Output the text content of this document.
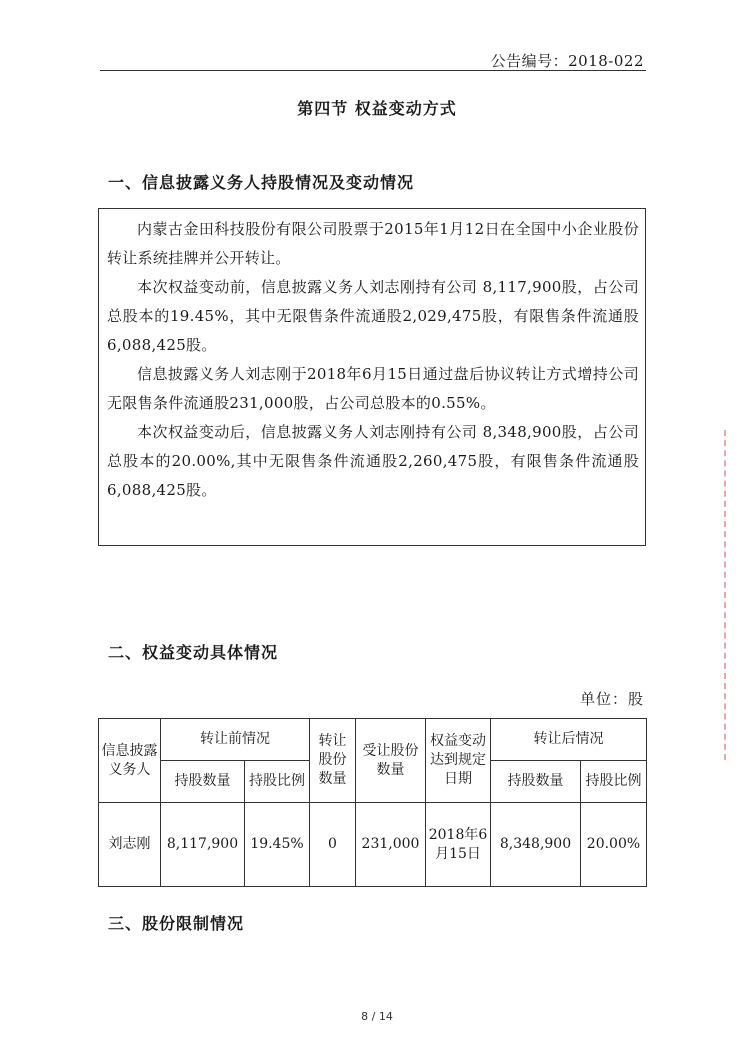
公告编号：2018-022
第四节 权益变动方式
一、信息披露义务人持股情况及变动情况

内蒙古金田科技股份有限公司股票于2015年1月12日在全国中小企业股份转让系统挂牌并公开转让。

本次权益变动前，信息披露义务人刘志刚持有公司 8,117,900股，占公司总股本的19.45%，其中无限售条件流通股2,029,475股，有限售条件流通股6,088,425股。

信息披露义务人刘志刚于2018年6月15日通过盘后协议转让方式增持公司无限售条件流通股231,000股，占公司总股本的0.55%。

本次权益变动后，信息披露义务人刘志刚持有公司 8,348,900股，占公司总股本的20.00%,其中无限售条件流通股2,260,475股，有限售条件流通股6,088,425股。

二、权益变动具体情况
单位：股
信息披露义务人	转让前情况		转让股份数量	受让股份数量	权益变动达到规定日期	转让后情况	
	持股数量	持股比例				持股数量	持股比例
刘志刚	8,117,900	19.45%	0	231,000	2018年6月15日	8,348,900	20.00%
三、股份限制情况
8 / 14
